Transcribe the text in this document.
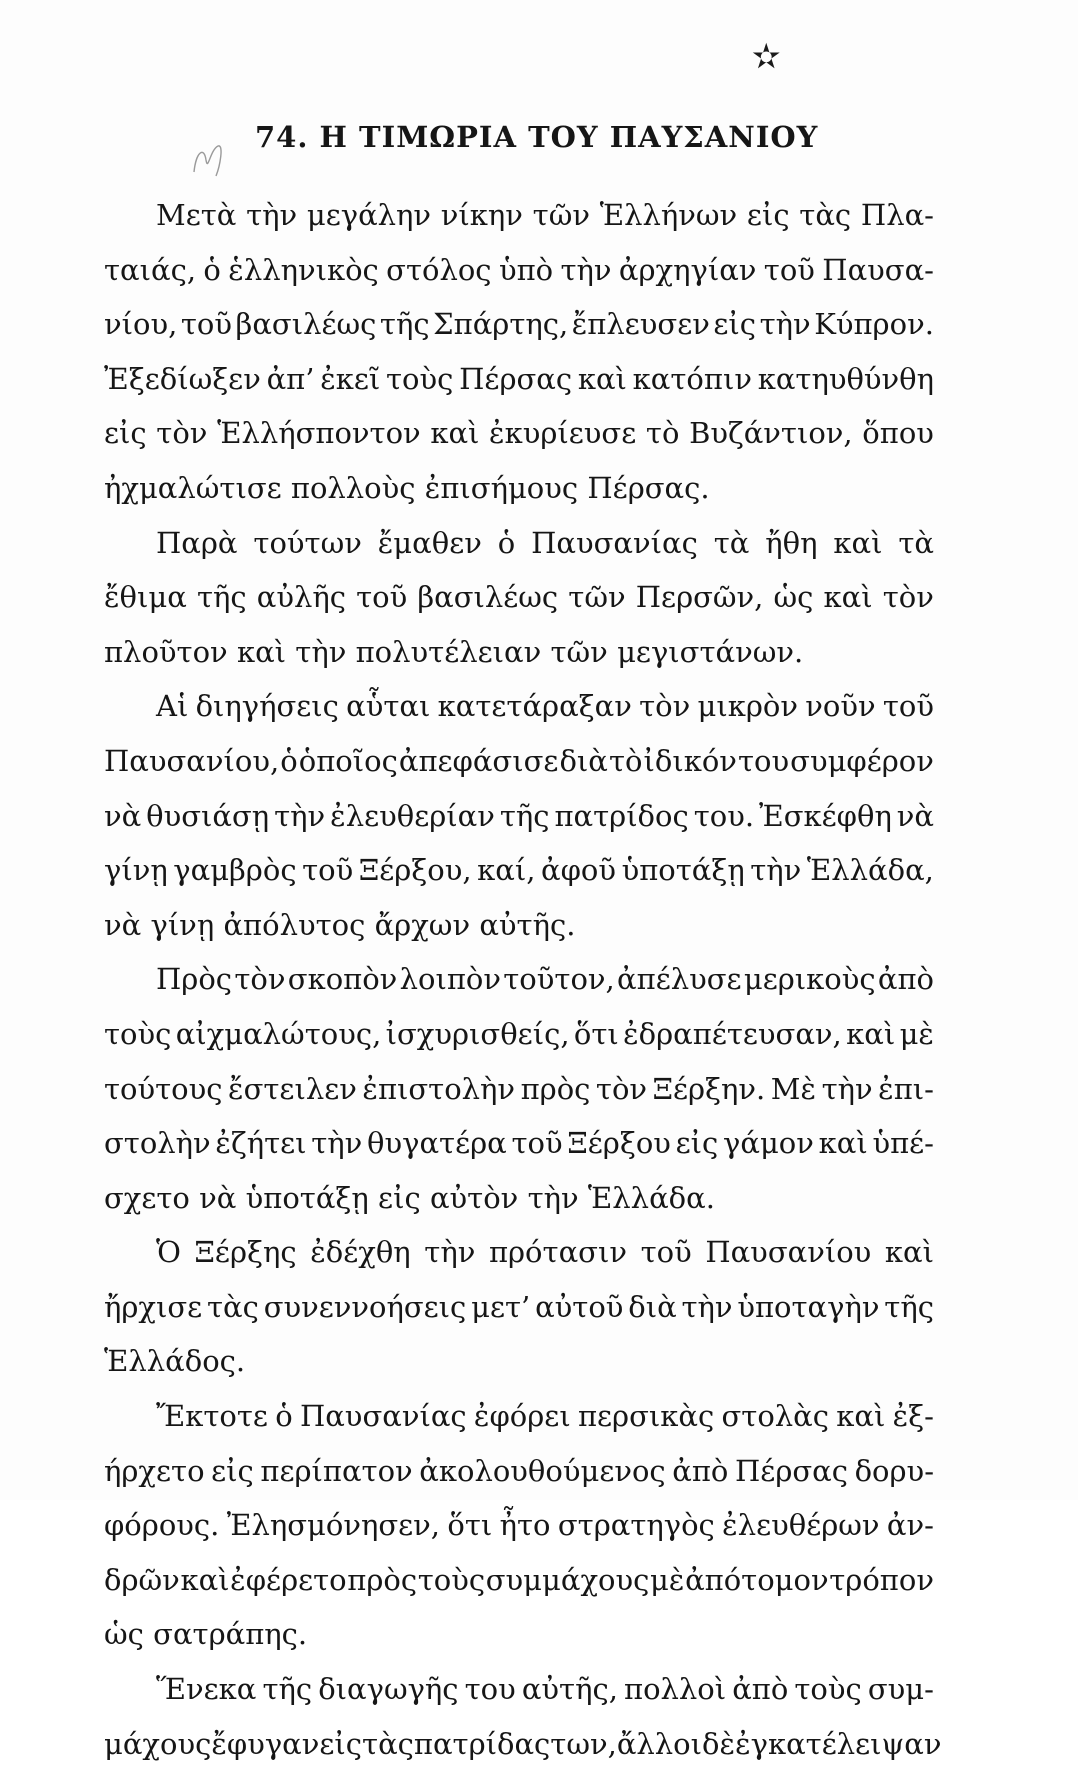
✫
74. Η ΤΙΜΩΡΙΑ ΤΟΥ ΠΑΥΣΑΝΙΟΥ
Μετὰ τὴν μεγάλην νίκην τῶν Ἑλλήνων εἰς τὰς Πλα-
ταιάς, ὁ ἑλληνικὸς στόλος ὑπὸ τὴν ἀρχηγίαν τοῦ Παυσα-
νίου, τοῦ βασιλέως τῆς Σπάρτης, ἔπλευσεν εἰς τὴν Κύπρον.
Ἐξεδίωξεν ἀπ’ ἐκεῖ τοὺς Πέρσας καὶ κατόπιν κατηυθύνθη
εἰς τὸν Ἑλλήσποντον καὶ ἐκυρίευσε τὸ Βυζάντιον, ὅπου
ἠχμαλώτισε πολλοὺς ἐπισήμους Πέρσας.
Παρὰ τούτων ἔμαθεν ὁ Παυσανίας τὰ ἤθη καὶ τὰ
ἔθιμα τῆς αὐλῆς τοῦ βασιλέως τῶν Περσῶν, ὡς καὶ τὸν
πλοῦτον καὶ τὴν πολυτέλειαν τῶν μεγιστάνων.
Αἱ διηγήσεις αὗται κατετάραξαν τὸν μικρὸν νοῦν τοῦ
Παυσανίου, ὁ ὁποῖος ἀπεφάσισε διὰ τὸ ἰδικόν του συμφέρον
νὰ θυσιάσῃ τὴν ἐλευθερίαν τῆς πατρίδος του. Ἐσκέφθη νὰ
γίνῃ γαμβρὸς τοῦ Ξέρξου, καί, ἀφοῦ ὑποτάξῃ τὴν Ἑλλάδα,
νὰ γίνῃ ἀπόλυτος ἄρχων αὐτῆς.
Πρὸς τὸν σκοπὸν λοιπὸν τοῦτον, ἀπέλυσε μερικοὺς ἀπὸ
τοὺς αἰχμαλώτους, ἰσχυρισθείς, ὅτι ἐδραπέτευσαν, καὶ μὲ
τούτους ἔστειλεν ἐπιστολὴν πρὸς τὸν Ξέρξην. Μὲ τὴν ἐπι-
στολὴν ἐζήτει τὴν θυγατέρα τοῦ Ξέρξου εἰς γάμον καὶ ὑπέ-
σχετο νὰ ὑποτάξῃ εἰς αὐτὸν τὴν Ἑλλάδα.
Ὁ Ξέρξης ἐδέχθη τὴν πρότασιν τοῦ Παυσανίου καὶ
ἤρχισε τὰς συνεννοήσεις μετ’ αὐτοῦ διὰ τὴν ὑποταγὴν τῆς
Ἑλλάδος.
Ἔκτοτε ὁ Παυσανίας ἐφόρει περσικὰς στολὰς καὶ ἐξ-
ήρχετο εἰς περίπατον ἀκολουθούμενος ἀπὸ Πέρσας δορυ-
φόρους. Ἐλησμόνησεν, ὅτι ἦτο στρατηγὸς ἐλευθέρων ἀν-
δρῶν καὶ ἐφέρετο πρὸς τοὺς συμμάχους μὲ ἀπότομον τρόπον
ὡς σατράπης.
Ἕνεκα τῆς διαγωγῆς του αὐτῆς, πολλοὶ ἀπὸ τοὺς συμ-
μάχους ἔφυγαν εἰς τὰς πατρίδας των, ἄλλοι δὲ ἐγκατέλειψαν
